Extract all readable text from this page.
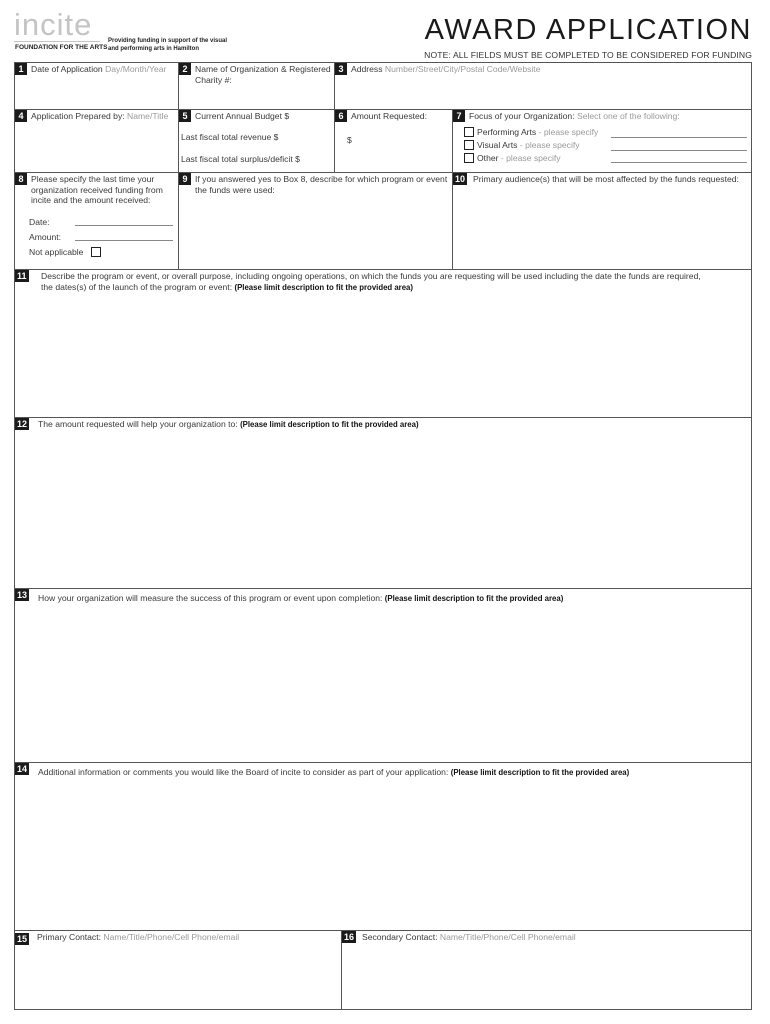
incite
FOUNDATION FOR THE ARTS
Providing funding in support of the visual and performing arts in Hamilton
AWARD APPLICATION
NOTE: ALL FIELDS MUST BE COMPLETED TO BE CONSIDERED FOR FUNDING
1 Date of Application Day/Month/Year	2 Name of Organization & Registered Charity #:
3 Address Number/Street/City/Postal Code/Website
4 Application Prepared by: Name/Title	5 Current Annual Budget $
Last fiscal total revenue $
Last fiscal total surplus/deficit $
6 Amount Requested:
$
7 Focus of your Organization: Select one of the following:
Performing Arts - please specify
Visual Arts - please specify
Other - please specify
8 Please specify the last time your organization received funding from incite and the amount received:
Date:
Amount:
Not applicable
9 If you answered yes to Box 8, describe for which program or event the funds were used:
10 Primary audience(s) that will be most affected by the funds requested:
11 Describe the program or event, or overall purpose, including ongoing operations, on which the funds you are requesting will be used including the date the funds are required, the dates(s) of the launch of the program or event: (Please limit description to fit the provided area)
12 The amount requested will help your organization to: (Please limit description to fit the provided area)
13 How your organization will measure the success of this program or event upon completion: (Please limit description to fit the provided area)
14 Additional information or comments you would like the Board of incite to consider as part of your application: (Please limit description to fit the provided area)
15 Primary Contact: Name/Title/Phone/Cell Phone/email	16 Secondary Contact: Name/Title/Phone/Cell Phone/email
